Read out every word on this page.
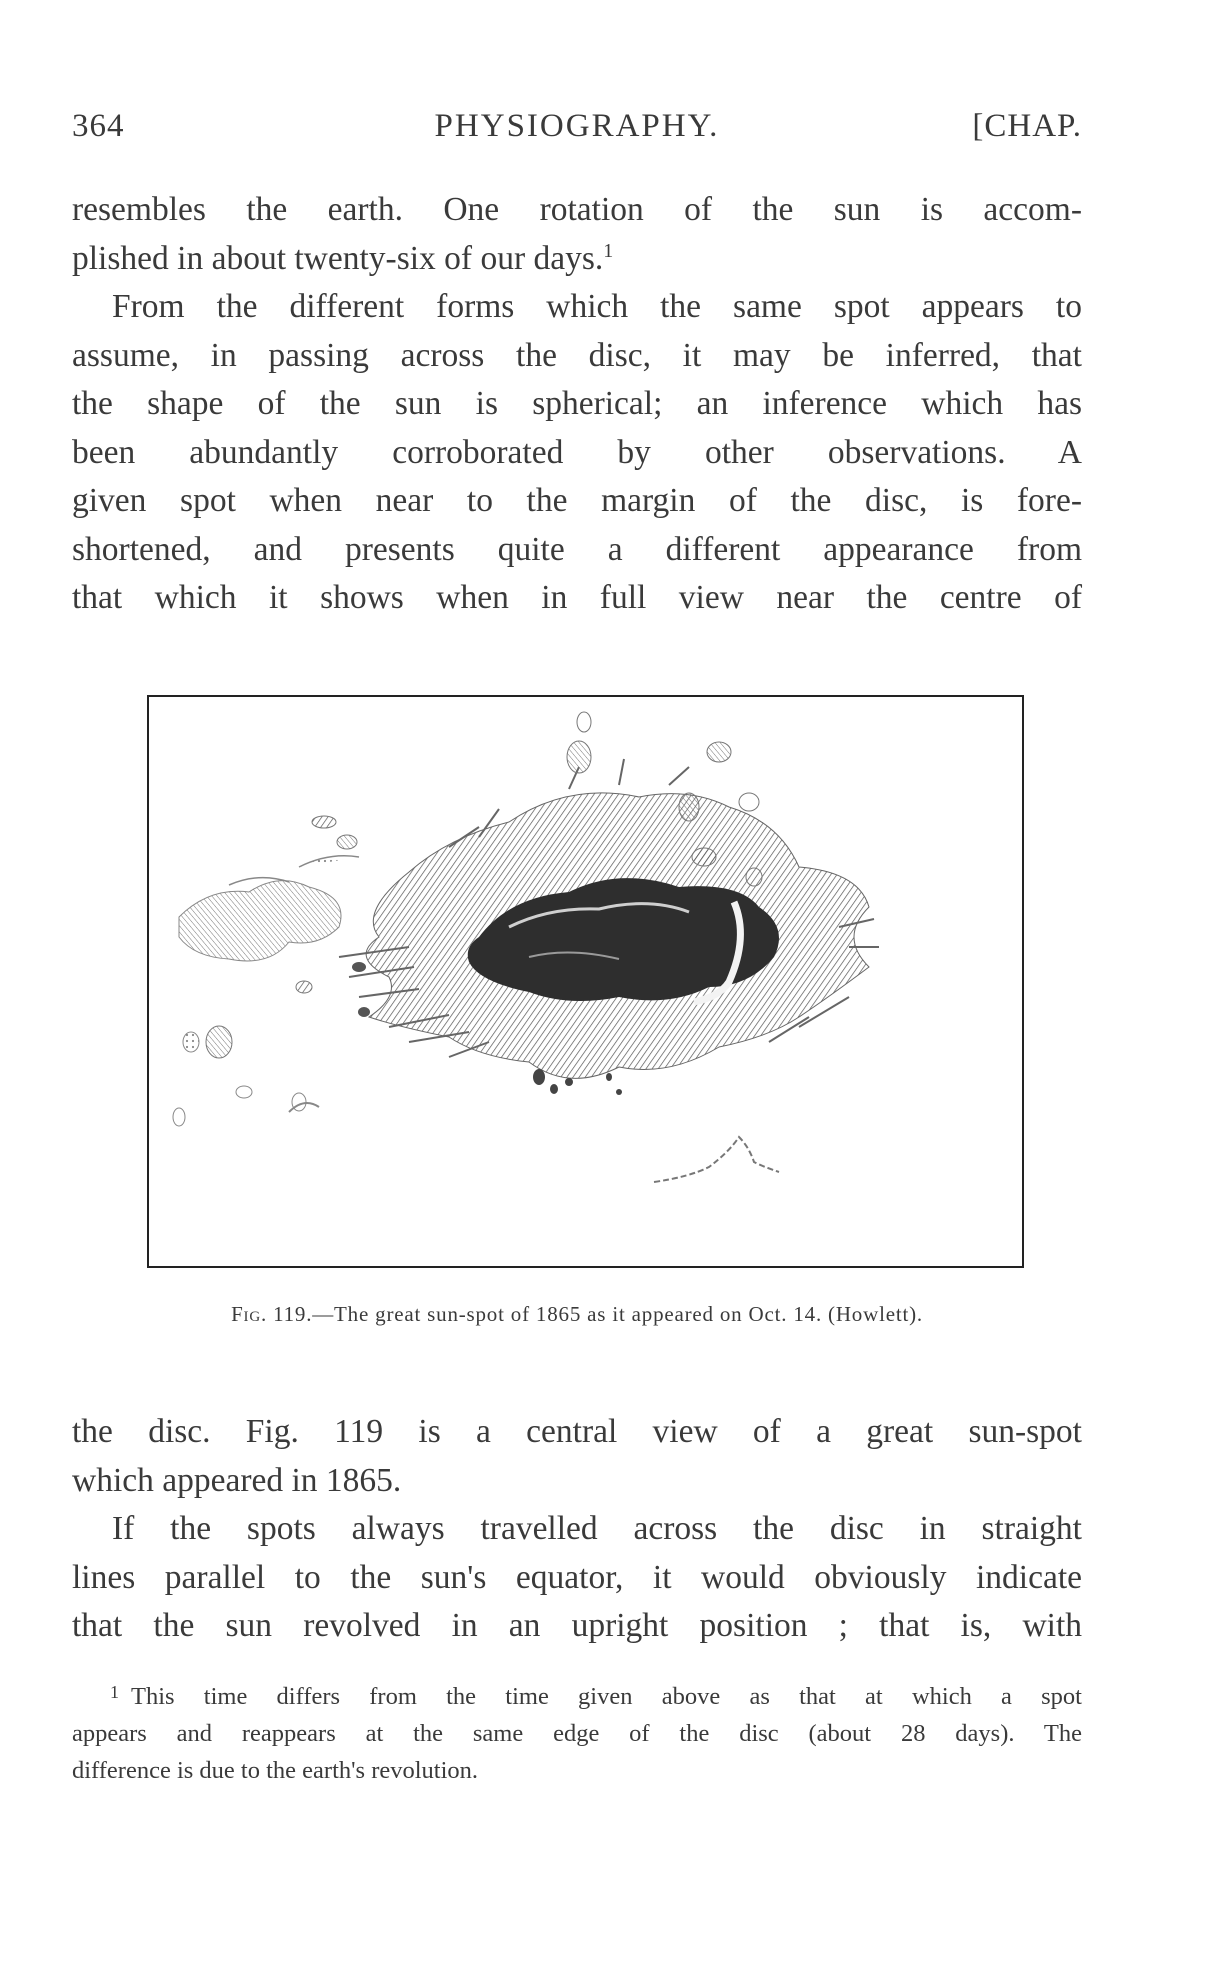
364	PHYSIOGRAPHY.	[CHAP.
resembles the earth. One rotation of the sun is accom-
plished in about twenty-six of our days.$^1$
From the different forms which the same spot appears to
assume, in passing across the disc, it may be inferred, that
the shape of the sun is spherical; an inference which has
been abundantly corroborated by other observations. A
given spot when near to the margin of the disc, is fore-
shortened, and presents quite a different appearance from
that which it shows when in full view near the centre of
Fig. 119.—The great sun-spot of 1865 as it appeared on Oct. 14. (Howlett).
the disc. Fig. 119 is a central view of a great sun-spot
which appeared in 1865.
If the spots always travelled across the disc in straight
lines parallel to the sun's equator, it would obviously indicate
that the sun revolved in an upright position ; that is, with
$^1$ This time differs from the time given above as that at which a spot
appears and reappears at the same edge of the disc (about 28 days). The
difference is due to the earth's revolution.
